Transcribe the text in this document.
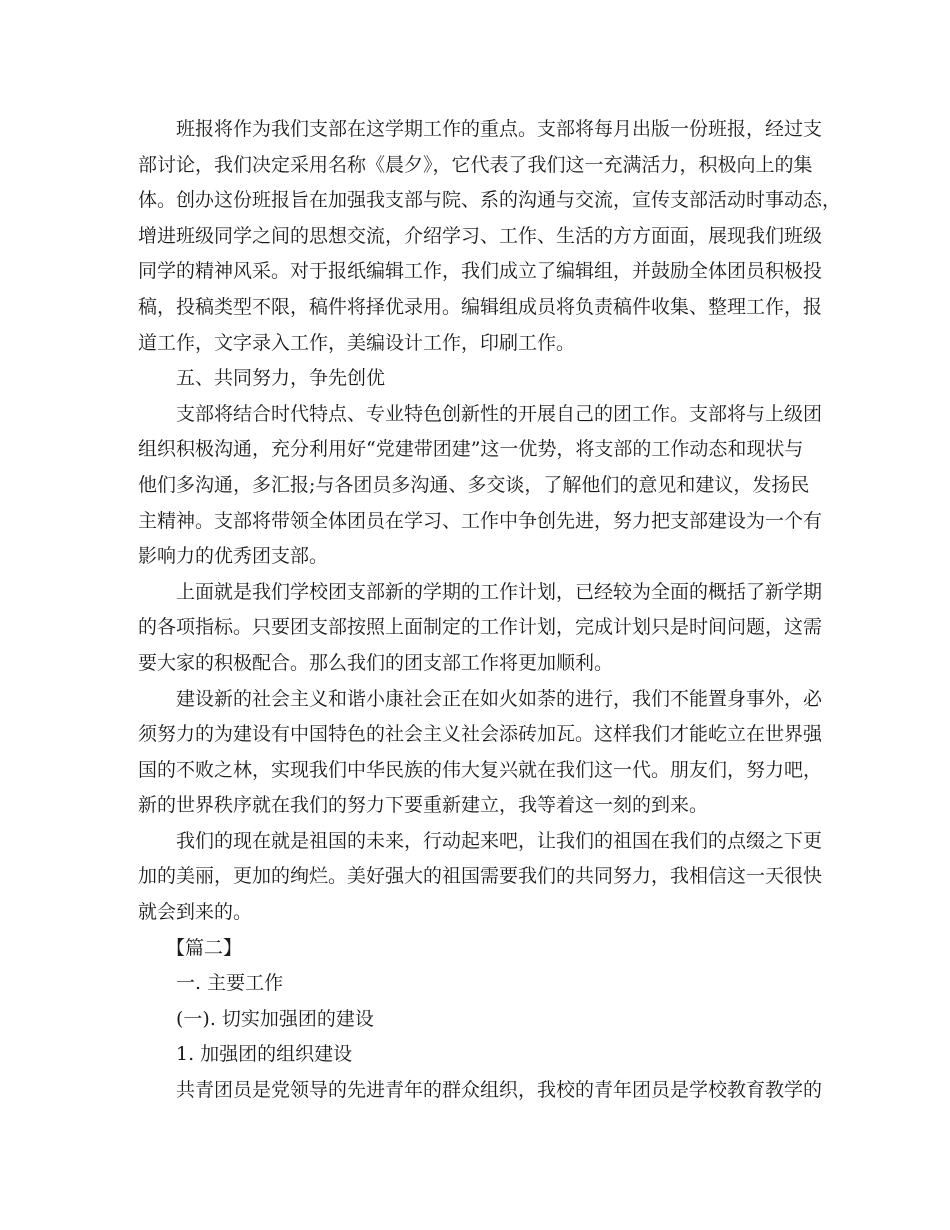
班报将作为我们支部在这学期工作的重点。支部将每月出版一份班报，经过支
部讨论，我们决定采用名称《晨夕》，它代表了我们这一充满活力，积极向上的集
体。创办这份班报旨在加强我支部与院、系的沟通与交流，宣传支部活动时事动态，
增进班级同学之间的思想交流，介绍学习、工作、生活的方方面面，展现我们班级
同学的精神风采。对于报纸编辑工作，我们成立了编辑组，并鼓励全体团员积极投
稿，投稿类型不限，稿件将择优录用。编辑组成员将负责稿件收集、整理工作，报
道工作，文字录入工作，美编设计工作，印刷工作。
五、共同努力，争先创优
支部将结合时代特点、专业特色创新性的开展自己的团工作。支部将与上级团
组织积极沟通，充分利用好“党建带团建”这一优势，将支部的工作动态和现状与
他们多沟通，多汇报;与各团员多沟通、多交谈，了解他们的意见和建议，发扬民
主精神。支部将带领全体团员在学习、工作中争创先进，努力把支部建设为一个有
影响力的优秀团支部。
上面就是我们学校团支部新的学期的工作计划，已经较为全面的概括了新学期
的各项指标。只要团支部按照上面制定的工作计划，完成计划只是时间问题，这需
要大家的积极配合。那么我们的团支部工作将更加顺利。
建设新的社会主义和谐小康社会正在如火如荼的进行，我们不能置身事外，必
须努力的为建设有中国特色的社会主义社会添砖加瓦。这样我们才能屹立在世界强
国的不败之林，实现我们中华民族的伟大复兴就在我们这一代。朋友们，努力吧，
新的世界秩序就在我们的努力下要重新建立，我等着这一刻的到来。
我们的现在就是祖国的未来，行动起来吧，让我们的祖国在我们的点缀之下更
加的美丽，更加的绚烂。美好强大的祖国需要我们的共同努力，我相信这一天很快
就会到来的。
【篇二】
一. 主要工作
(一). 切实加强团的建设
1. 加强团的组织建设
共青团员是党领导的先进青年的群众组织，我校的青年团员是学校教育教学的
